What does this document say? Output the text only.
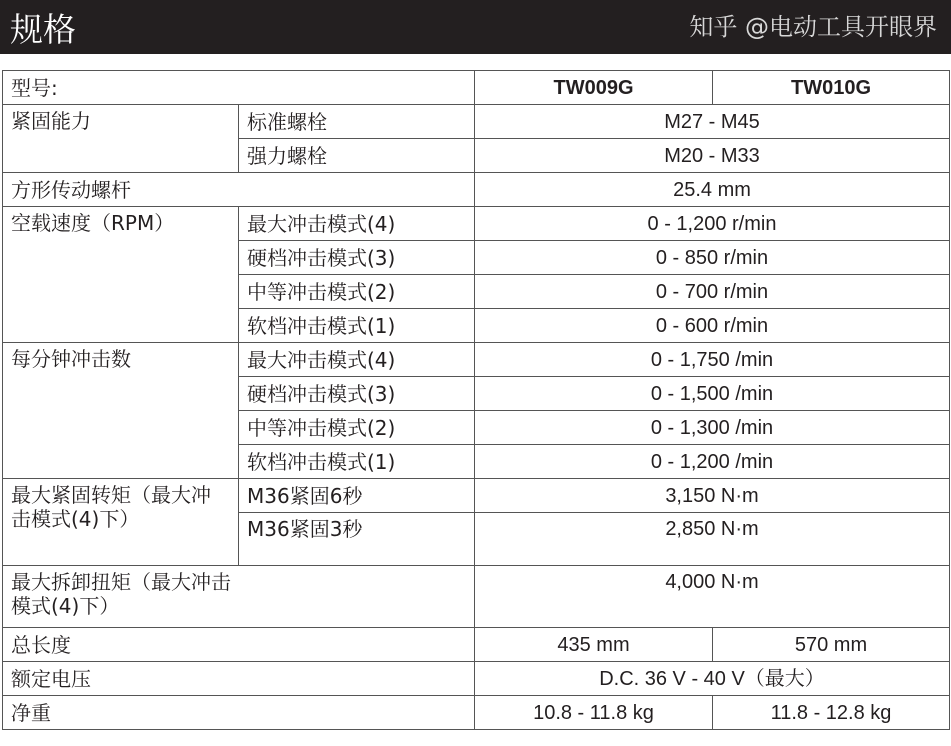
规格	知乎 @电动工具开眼界
型号:		TW009G	TW010G
紧固能力	标准螺栓	M27 - M45	
	强力螺栓	M20 - M33	
方形传动螺杆		25.4 mm	
空载速度（RPM）	最大冲击模式(4)	0 - 1,200 r/min	
	硬档冲击模式(3)	0 - 850 r/min	
	中等冲击模式(2)	0 - 700 r/min	
	软档冲击模式(1)	0 - 600 r/min	
每分钟冲击数	最大冲击模式(4)	0 - 1,750 /min	
	硬档冲击模式(3)	0 - 1,500 /min	
	中等冲击模式(2)	0 - 1,300 /min	
	软档冲击模式(1)	0 - 1,200 /min	
最大紧固转矩（最大冲击模式(4)下）	M36紧固6秒	3,150 N·m	
	M36紧固3秒	2,850 N·m	
最大拆卸扭矩（最大冲击模式(4)下）		4,000 N·m	
总长度		435 mm	570 mm
额定电压		D.C. 36 V - 40 V（最大）	
净重		10.8 - 11.8 kg	11.8 - 12.8 kg
